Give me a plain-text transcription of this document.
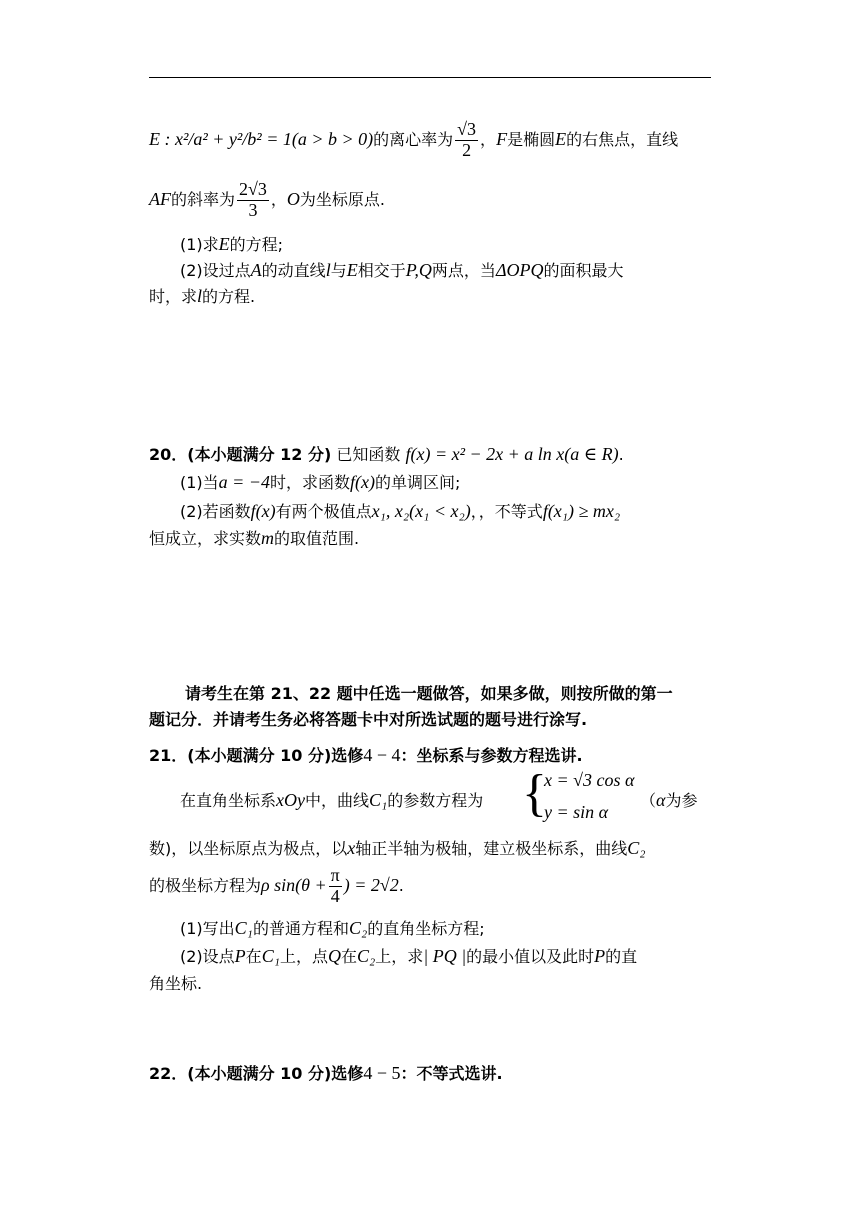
E : x²/a² + y²/b² = 1(a > b > 0)的离心率为 $\frac{√3}{2}$ ，F是椭圆E的右焦点，直线
AF的斜率为 $\frac{2√3}{3}$ ，O为坐标原点.
(1)求E的方程;
(2)设过点A的动直线l与E相交于P,Q两点，当ΔOPQ的面积最大
时，求l的方程.
20．(本小题满分 12 分) 已知函数 f(x) = x² − 2x + a ln x(a ∈ R).
(1)当a = −4时，求函数f(x)的单调区间;
(2)若函数f(x)有两个极值点x₁, x₂(x₁ < x₂)，，不等式f(x₁) ≥ mx₂
恒成立，求实数m的取值范围.
请考生在第 21、22 题中任选一题做答，如果多做，则按所做的第一
题记分．并请考生务必将答题卡中对所选试题的题号进行涂写.
21．(本小题满分 10 分)选修4 − 4：坐标系与参数方程选讲.
在直角坐标系xOy中，曲线C₁的参数方程为 {
x = √3 cos α
y = sin α
（α为参
数)，以坐标原点为极点，以x轴正半轴为极轴，建立极坐标系，曲线C₂
的极坐标方程为ρ $\sin(\theta + \frac{\pi}{4}$ ) = 2√2.
(1)写出C₁的普通方程和C₂的直角坐标方程;
(2)设点P在C₁上，点Q在C₂上，求| PQ |的最小值以及此时P的直
角坐标.
22．(本小题满分 10 分)选修4 − 5：不等式选讲.
